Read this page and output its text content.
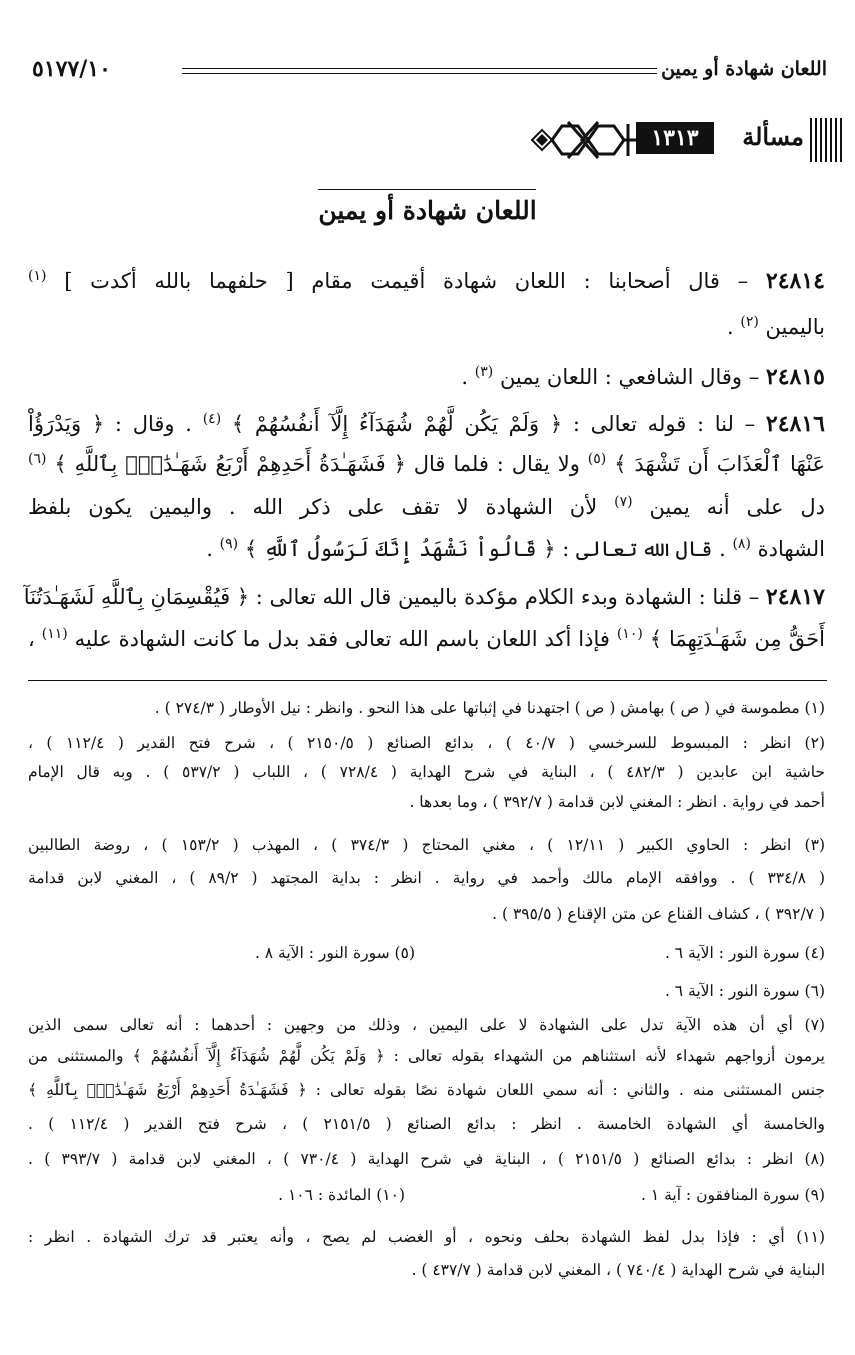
اللعان شهادة أو يمين
٥١٧٧/١٠
مسألة
١٣١٣
اللعان شهادة أو يمين
٢٤٨١٤ – قال أصحابنا : اللعان شهادة أقيمت مقام [ حلفهما بالله أكدت ] $^{(١)}$
باليمين $^{(٢)}$ .
٢٤٨١٥ – وقال الشافعي : اللعان يمين $^{(٣)}$ .
٢٤٨١٦ – لنا : قوله تعالى : ﴿ وَلَمْ يَكُن لَّهُمْ شُهَدَآءُ إِلَّآ أَنفُسُهُمْ ﴾ $^{(٤)}$ . وقال : ﴿ وَيَدْرَؤُاْ
عَنْهَا ٱلْعَذَابَ أَن تَشْهَدَ ﴾ $^{(٥)}$ ولا يقال : فلما قال ﴿ فَشَهَـٰدَةُ أَحَدِهِمْ أَرْبَعُ شَهَـٰدَٰتٍۭ بِٱللَّهِ ﴾ $^{(٦)}$
دل على أنه يمين $^{(٧)}$ لأن الشهادة لا تقف على ذكر الله . واليمين يكون بلفظ
الشهادة $^{(٨)}$ . قال الله تعالى : ﴿ قَالُواْ نَشْهَدُ إِنَّكَ لَرَسُولُ ٱللَّهِ ﴾ $^{(٩)}$ .
٢٤٨١٧ – قلنا : الشهادة وبدء الكلام مؤكدة باليمين قال الله تعالى : ﴿ فَيُقْسِمَانِ بِٱللَّهِ لَشَهَـٰدَتُنَآ
أَحَقُّ مِن شَهَـٰدَتِهِمَا ﴾ $^{(١٠)}$ فإذا أكد اللعان باسم الله تعالى فقد بدل ما كانت الشهادة عليه $^{(١١)}$ ،
(١) مطموسة في ( ص ) بهامش ( ص ) اجتهدنا في إثباتها على هذا النحو . وانظر : نيل الأوطار ( ٢٧٤/٣ ) .
(٢) انظر : المبسوط للسرخسي ( ٤٠/٧ ) ، بدائع الصنائع ( ٢١٥٠/٥ ) ، شرح فتح القدير ( ١١٢/٤ ) ،
حاشية ابن عابدين ( ٤٨٢/٣ ) ، البناية في شرح الهداية ( ٧٢٨/٤ ) ، اللباب ( ٥٣٧/٢ ) . وبه قال الإمام
أحمد في رواية . انظر : المغني لابن قدامة ( ٣٩٢/٧ ) ، وما بعدها .
(٣) انظر : الحاوي الكبير ( ١٢/١١ ) ، مغني المحتاج ( ٣٧٤/٣ ) ، المهذب ( ١٥٣/٢ ) ، روضة الطالبين
( ٣٣٤/٨ ) . ووافقه الإمام مالك وأحمد في رواية . انظر : بداية المجتهد ( ٨٩/٢ ) ، المغني لابن قدامة
( ٣٩٢/٧ ) ، كشاف القناع عن متن الإقناع ( ٣٩٥/٥ ) .
(٤) سورة النور : الآية ٦ .
(٥) سورة النور : الآية ٨ .
(٦) سورة النور : الآية ٦ .
(٧) أي أن هذه الآية تدل على الشهادة لا على اليمين ، وذلك من وجهين : أحدهما : أنه تعالى سمى الذين
يرمون أزواجهم شهداء لأنه استثناهم من الشهداء بقوله تعالى : ﴿ وَلَمْ يَكُن لَّهُمْ شُهَدَآءُ إِلَّآ أَنفُسُهُمْ ﴾ والمستثنى من
جنس المستثنى منه . والثاني : أنه سمي اللعان شهادة نصًا بقوله تعالى : ﴿ فَشَهَـٰدَةُ أَحَدِهِمْ أَرْبَعُ شَهَـٰدَٰتٍۭ بِٱللَّهِ ﴾
والخامسة أي الشهادة الخامسة . انظر : بدائع الصنائع ( ٢١٥١/٥ ) ، شرح فتح القدير ( ١١٢/٤ ) .
(٨) انظر : بدائع الصنائع ( ٢١٥١/٥ ) ، البناية في شرح الهداية ( ٧٣٠/٤ ) ، المغني لابن قدامة ( ٣٩٣/٧ ) .
(٩) سورة المنافقون : آية ١ .
(١٠) المائدة : ١٠٦ .
(١١) أي : فإذا بدل لفظ الشهادة بحلف ونحوه ، أو الغضب لم يصح ، وأنه يعتبر قد ترك الشهادة . انظر :
البناية في شرح الهداية ( ٧٤٠/٤ ) ، المغني لابن قدامة ( ٤٣٧/٧ ) .
